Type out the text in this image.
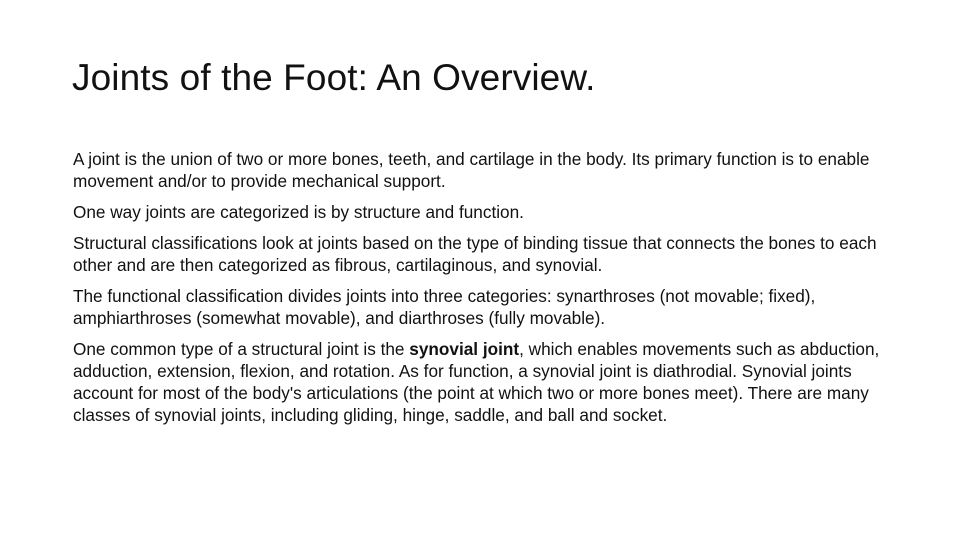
Joints of the Foot: An Overview.

A joint is the union of two or more bones, teeth, and cartilage in the body. Its primary function is to enable movement and/or to provide mechanical support.

One way joints are categorized is by structure and function.

Structural classifications look at joints based on the type of binding tissue that connects the bones to each other and are then categorized as fibrous, cartilaginous, and synovial.

The functional classification divides joints into three categories: synarthroses (not movable; fixed), amphiarthroses (somewhat movable), and diarthroses (fully movable).

One common type of a structural joint is the synovial joint, which enables movements such as abduction, adduction, extension, flexion, and rotation. As for function, a synovial joint is diathrodial. Synovial joints account for most of the body's articulations (the point at which two or more bones meet). There are many classes of synovial joints, including gliding, hinge, saddle, and ball and socket.
